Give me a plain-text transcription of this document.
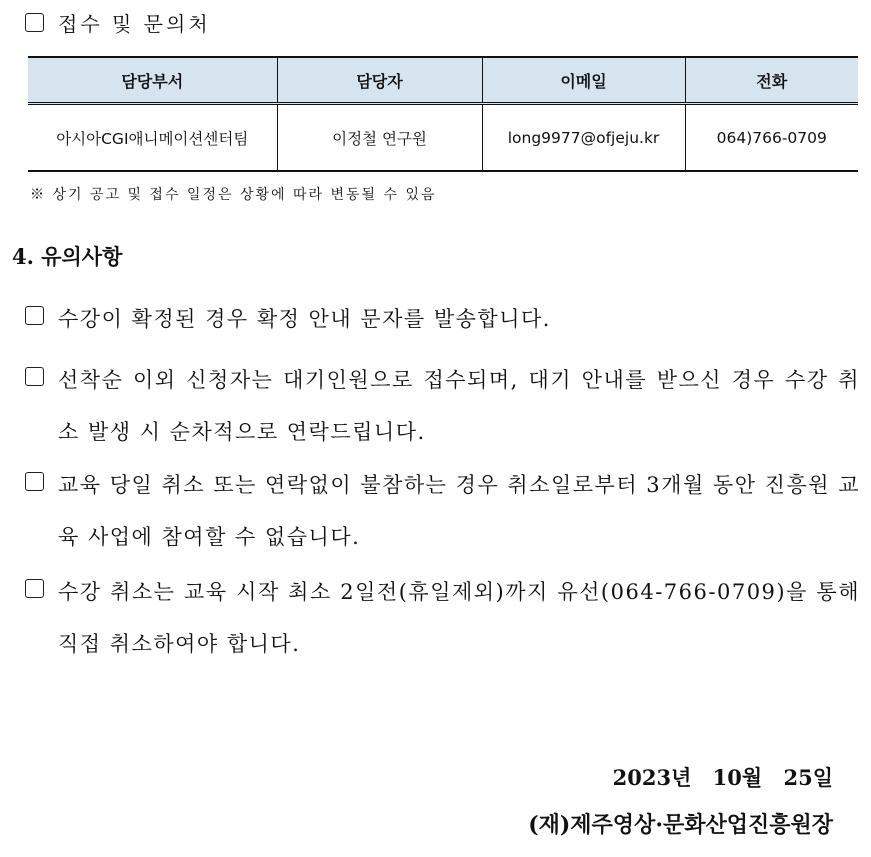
접수 및 문의처
담당부서	담당자	이메일	전화
아시아CGI애니메이션센터팀	이정철 연구원	long9977@ofjeju.kr	064)766-0709
※ 상기 공고 및 접수 일정은 상황에 따라 변동될 수 있음
4. 유의사항
수강이 확정된 경우 확정 안내 문자를 발송합니다.
선착순 이외 신청자는 대기인원으로 접수되며, 대기 안내를 받으신 경우 수강 취소 발생 시 순차적으로 연락드립니다.
교육 당일 취소 또는 연락없이 불참하는 경우 취소일로부터 3개월 동안 진흥원 교육 사업에 참여할 수 없습니다.
수강 취소는 교육 시작 최소 2일전(휴일제외)까지 유선(064-766-0709)을 통해 직접 취소하여야 합니다.
2023년 10월 25일
(재)제주영상·문화산업진흥원장
